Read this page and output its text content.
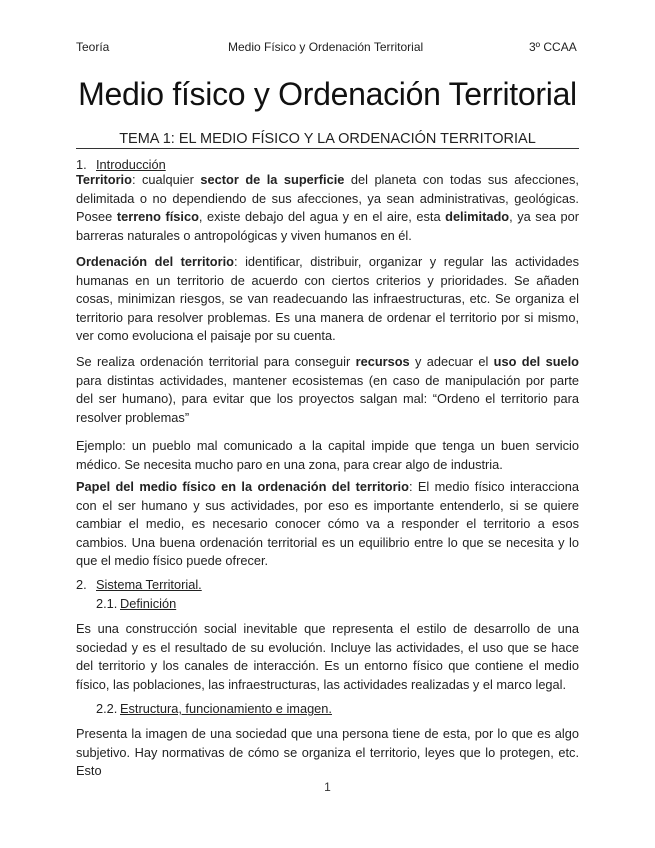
Teoría	Medio Físico y Ordenación Territorial	3º CCAA
Medio físico y Ordenación Territorial
TEMA 1: EL MEDIO FÍSICO Y LA ORDENACIÓN TERRITORIAL
1. Introducción

Territorio: cualquier sector de la superficie del planeta con todas sus afecciones, delimitada o no dependiendo de sus afecciones, ya sean administrativas, geológicas. Posee terreno físico, existe debajo del agua y en el aire, esta delimitado, ya sea por barreras naturales o antropológicas y viven humanos en él.

Ordenación del territorio: identificar, distribuir, organizar y regular las actividades humanas en un territorio de acuerdo con ciertos criterios y prioridades. Se añaden cosas, minimizan riesgos, se van readecuando las infraestructuras, etc. Se organiza el territorio para resolver problemas. Es una manera de ordenar el territorio por si mismo, ver como evoluciona el paisaje por su cuenta.

Se realiza ordenación territorial para conseguir recursos y adecuar el uso del suelo para distintas actividades, mantener ecosistemas (en caso de manipulación por parte del ser humano), para evitar que los proyectos salgan mal: “Ordeno el territorio para resolver problemas”

Ejemplo: un pueblo mal comunicado a la capital impide que tenga un buen servicio médico. Se necesita mucho paro en una zona, para crear algo de industria.

Papel del medio físico en la ordenación del territorio: El medio físico interacciona con el ser humano y sus actividades, por eso es importante entenderlo, si se quiere cambiar el medio, es necesario conocer cómo va a responder el territorio a esos cambios. Una buena ordenación territorial es un equilibrio entre lo que se necesita y lo que el medio físico puede ofrecer.

2. Sistema Territorial.
2.1. Definición

Es una construcción social inevitable que representa el estilo de desarrollo de una sociedad y es el resultado de su evolución. Incluye las actividades, el uso que se hace del territorio y los canales de interacción. Es un entorno físico que contiene el medio físico, las poblaciones, las infraestructuras, las actividades realizadas y el marco legal.

2.2. Estructura, funcionamiento e imagen.

Presenta la imagen de una sociedad que una persona tiene de esta, por lo que es algo subjetivo. Hay normativas de cómo se organiza el territorio, leyes que lo protegen, etc. Esto

1
